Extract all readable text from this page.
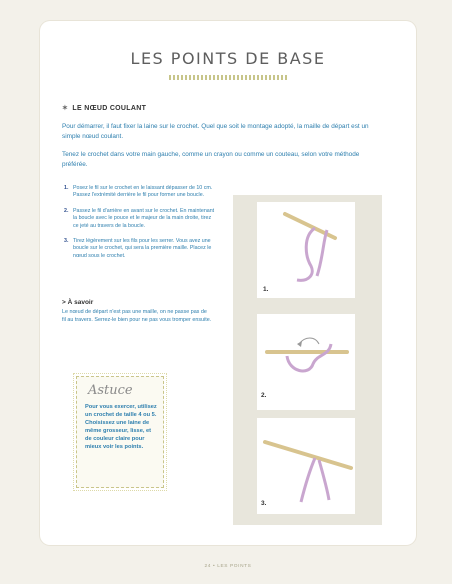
LES POINTS DE BASE
✶ LE NŒUD COULANT
Pour démarrer, il faut fixer la laine sur le crochet. Quel que soit le montage adopté, la maille de départ est un simple nœud coulant.
Tenez le crochet dans votre main gauche, comme un crayon ou comme un couteau, selon votre méthode préférée.
1. Posez le fil sur le crochet en le laissant dépasser de 10 cm. Passez l'extrémité derrière le fil pour former une boucle.
2. Passez le fil d'arrière en avant sur le crochet. En maintenant la boucle avec le pouce et le majeur de la main droite, tirez ce jeté au travers de la boucle.
3. Tirez légèrement sur les fils pour les serrer. Vous avez une boucle sur le crochet, qui sera la première maille. Placez le nœud sous le crochet.
> À savoir
Le nœud de départ n'est pas une maille, on ne passe pas de fil au travers. Serrez-le bien pour ne pas vous tromper ensuite.
Astuce
Pour vous exercer, utilisez un crochet de taille 4 ou 5. Choisissez une laine de même grosseur, lisse, et de couleur claire pour mieux voir les points.
1.
2.
3.
24 • LES POINTS
